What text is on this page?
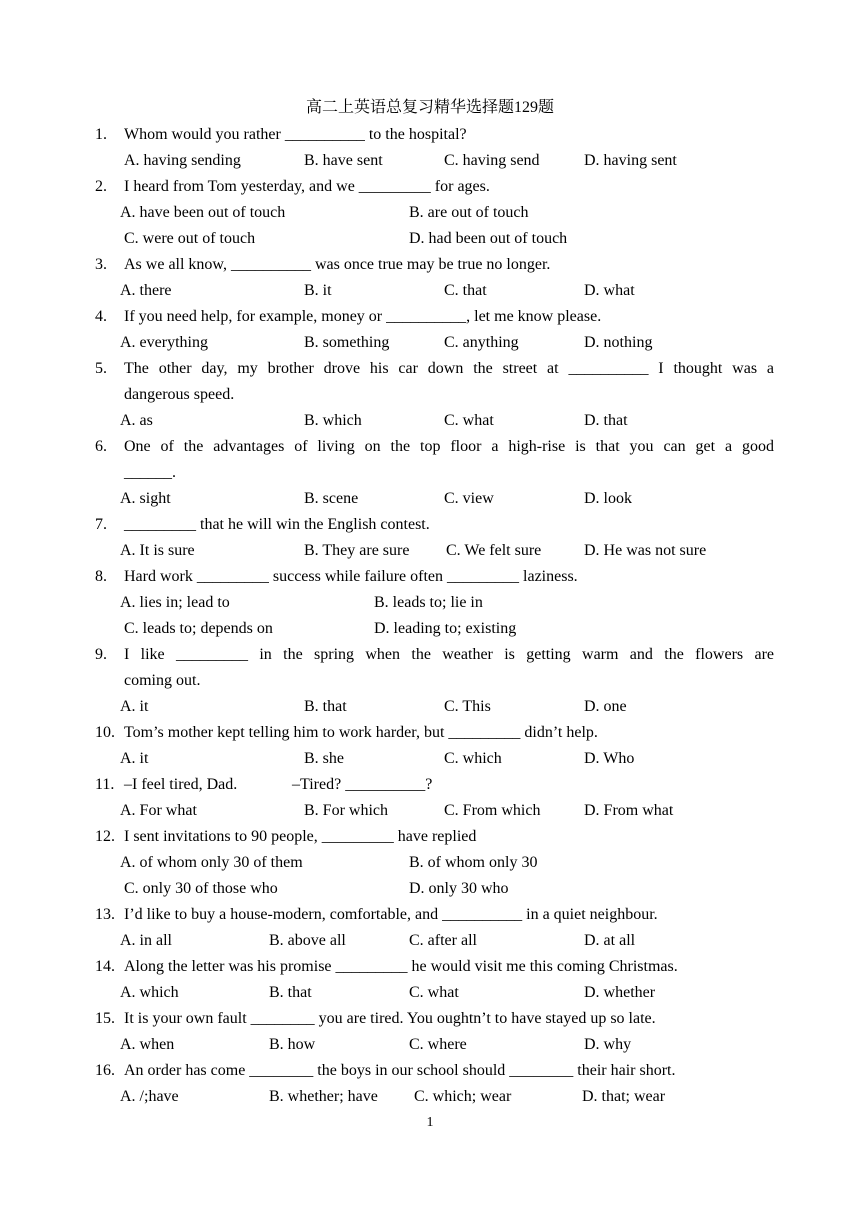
高二上英语总复习精华选择题129题
1. Whom would you rather __________ to the hospital?
A. having sending	B. have sent	C. having send	D. having sent
2. I heard from Tom yesterday, and we _________ for ages.
A. have been out of touch	B. are out of touch
C. were out of touch	D. had been out of touch
3. As we all know, __________ was once true may be true no longer.
A. there	B. it	C. that	D. what
4. If you need help, for example, money or __________, let me know please.
A. everything	B. something	C. anything	D. nothing
5. The other day, my brother drove his car down the street at __________ I thought was a
dangerous speed.
A. as	B. which	C. what	D. that
6. One of the advantages of living on the top floor a high-rise is that you can get a good
______.
A. sight	B. scene	C. view	D. look
7. _________ that he will win the English contest.
A. It is sure	B. They are sure C. We felt sure	D. He was not sure
8. Hard work _________ success while failure often _________ laziness.
A. lies in; lead to	B. leads to; lie in
C. leads to; depends on	D. leading to; existing
9. I like _________ in the spring when the weather is getting warm and the flowers are
coming out.
A. it	B. that	C. This	D. one
10. Tom’s mother kept telling him to work harder, but _________ didn’t help.
A. it	B. she	C. which	D. Who
11. –I feel tired, Dad.	–Tired? __________?
A. For what	B. For which	C. From which	D. From what
12. I sent invitations to 90 people, _________ have replied
A. of whom only 30 of them	B. of whom only 30
C. only 30 of those who	D. only 30 who
13. I’d like to buy a house-modern, comfortable, and __________ in a quiet neighbour.
A. in all	B. above all	C. after all	D. at all
14. Along the letter was his promise _________ he would visit me this coming Christmas.
A. which	B. that	C. what	D. whether
15. It is your own fault ________ you are tired. You oughtn’t to have stayed up so late.
A. when	B. how	C. where	D. why
16. An order has come ________ the boys in our school should ________ their hair short.
A. /;have	B. whether; have C. which; wear	D. that; wear
1
